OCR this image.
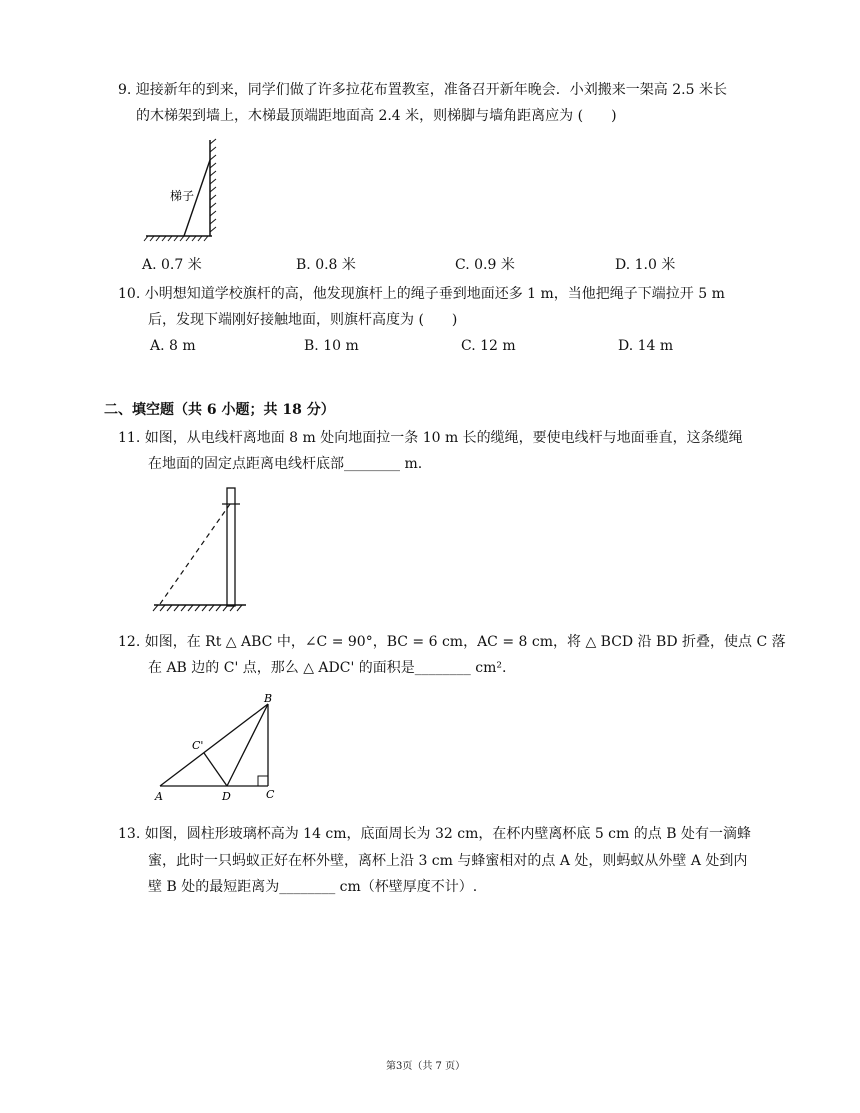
9. 迎接新年的到来，同学们做了许多拉花布置教室，准备召开新年晚会．小刘搬来一架高 2.5 米长
的木梯架到墙上，木梯最顶端距地面高 2.4 米，则梯脚与墙角距离应为 (　　)
梯子
A. 0.7 米	B. 0.8 米	C. 0.9 米	D. 1.0 米
10. 小明想知道学校旗杆的高，他发现旗杆上的绳子垂到地面还多 1 m，当他把绳子下端拉开 5 m
后，发现下端刚好接触地面，则旗杆高度为 (　　)
A. 8 m	B. 10 m	C. 12 m	D. 14 m
二、填空题（共 6 小题；共 18 分）
11. 如图，从电线杆离地面 8 m 处向地面拉一条 10 m 长的缆绳，要使电线杆与地面垂直，这条缆绳
在地面的固定点距离电线杆底部________ m.
12. 如图，在 Rt △ ABC 中，∠C = 90°，BC = 6 cm，AC = 8 cm，将 △ BCD 沿 BD 折叠，使点 C 落
在 AB 边的 C' 点，那么 △ ADC' 的面积是________ cm².
A
B
C
D
C'
13. 如图，圆柱形玻璃杯高为 14 cm，底面周长为 32 cm，在杯内壁离杯底 5 cm 的点 B 处有一滴蜂
蜜，此时一只蚂蚁正好在杯外壁，离杯上沿 3 cm 与蜂蜜相对的点 A 处，则蚂蚁从外壁 A 处到内
壁 B 处的最短距离为________ cm（杯壁厚度不计）.
第3页（共 7 页）
